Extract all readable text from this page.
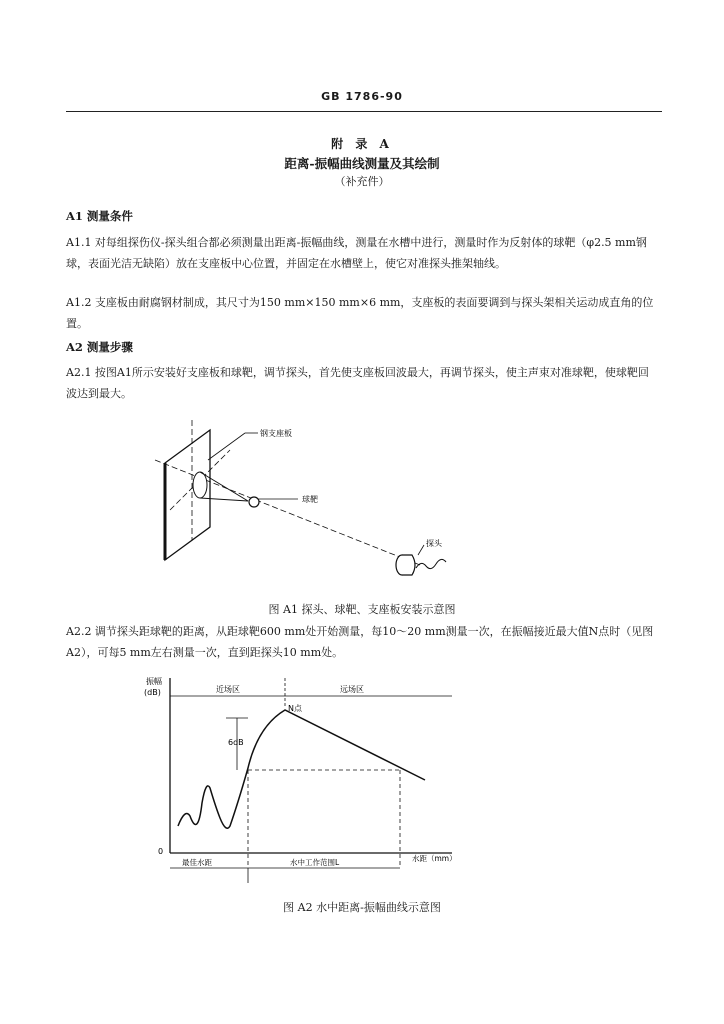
GB 1786-90
附 录 A
距离-振幅曲线测量及其绘制
（补充件）
A1 测量条件

A1.1 对每组探伤仪-探头组合都必须测量出距离-振幅曲线，测量在水槽中进行，测量时作为反射体的球靶（φ2.5 mm钢球，表面光洁无缺陷）放在支座板中心位置，并固定在水槽壁上，使它对准探头推架轴线。

A1.2 支座板由耐腐钢材制成，其尺寸为150 mm×150 mm×6 mm，支座板的表面要调到与探头架相关运动成直角的位置。

A2 测量步骤

A2.1 按图A1所示安装好支座板和球靶，调节探头，首先使支座板回波最大，再调节探头，使主声束对准球靶，使球靶回波达到最大。

钢支座板
球靶
探头
图 A1 探头、球靶、支座板安装示意图

A2.2 调节探头距球靶的距离，从距球靶600 mm处开始测量，每10～20 mm测量一次，在振幅接近最大值N点时（见图A2），可每5 mm左右测量一次，直到距探头10 mm处。

振幅
(dB)
0
近场区	远场区
N点
6dB
最佳水距	水中工作范围L	水距（mm）
图 A2 水中距离-振幅曲线示意图
